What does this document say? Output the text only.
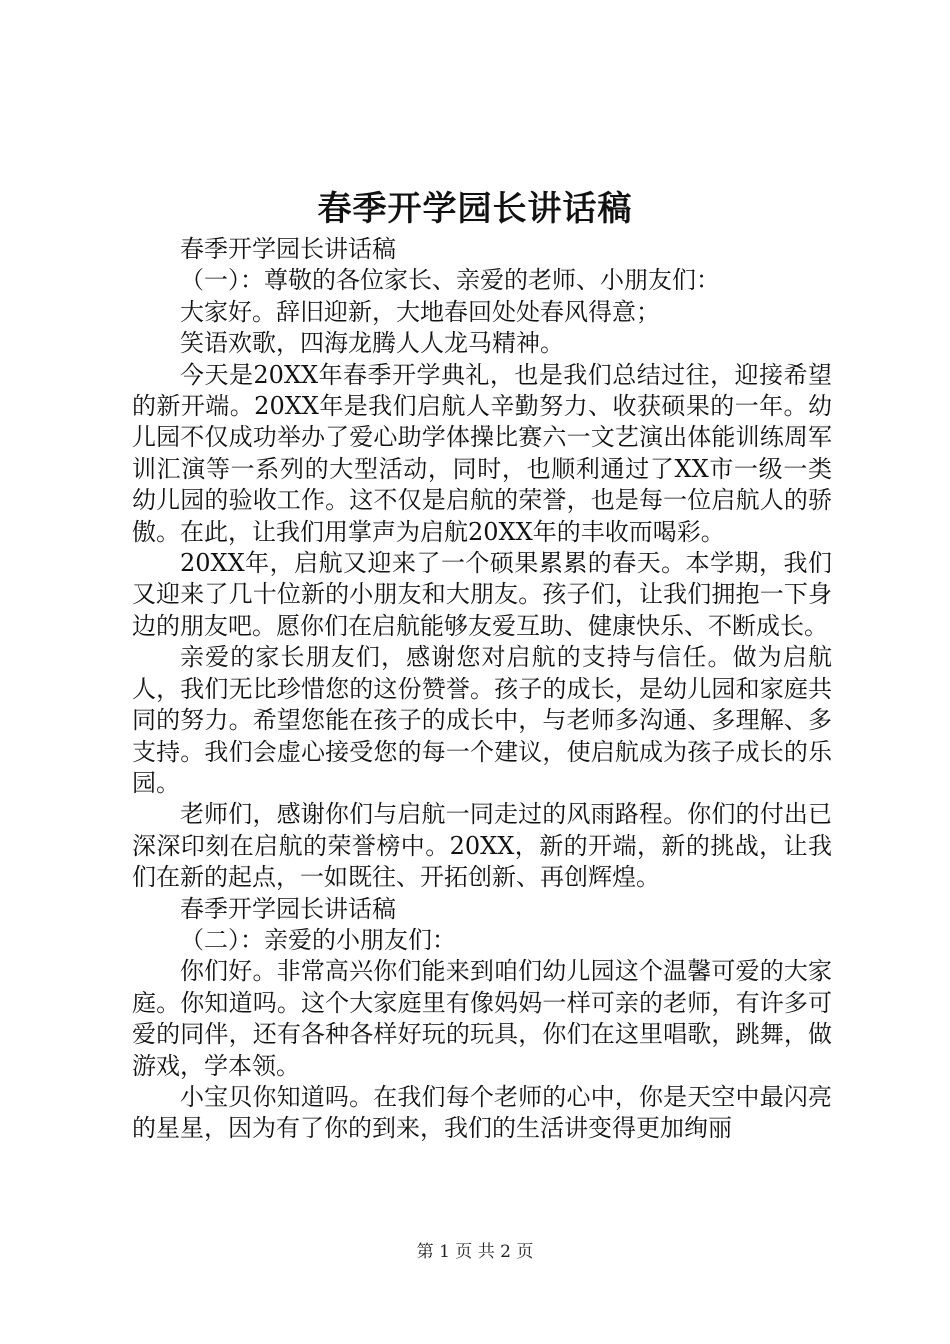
春季开学园长讲话稿

春季开学园长讲话稿

（一）：尊敬的各位家长、亲爱的老师、小朋友们：

大家好。辞旧迎新，大地春回处处春风得意；

笑语欢歌，四海龙腾人人龙马精神。

今天是20XX年春季开学典礼，也是我们总结过往，迎接希望的新开端。20XX年是我们启航人辛勤努力、收获硕果的一年。幼儿园不仅成功举办了爱心助学体操比赛六一文艺演出体能训练周军训汇演等一系列的大型活动，同时，也顺利通过了XX市一级一类幼儿园的验收工作。这不仅是启航的荣誉，也是每一位启航人的骄傲。在此，让我们用掌声为启航20XX年的丰收而喝彩。

20XX年，启航又迎来了一个硕果累累的春天。本学期，我们又迎来了几十位新的小朋友和大朋友。孩子们，让我们拥抱一下身边的朋友吧。愿你们在启航能够友爱互助、健康快乐、不断成长。

亲爱的家长朋友们，感谢您对启航的支持与信任。做为启航人，我们无比珍惜您的这份赞誉。孩子的成长，是幼儿园和家庭共同的努力。希望您能在孩子的成长中，与老师多沟通、多理解、多支持。我们会虚心接受您的每一个建议，使启航成为孩子成长的乐园。

老师们，感谢你们与启航一同走过的风雨路程。你们的付出已深深印刻在启航的荣誉榜中。20XX，新的开端，新的挑战，让我们在新的起点，一如既往、开拓创新、再创辉煌。

春季开学园长讲话稿

（二）：亲爱的小朋友们：

你们好。非常高兴你们能来到咱们幼儿园这个温馨可爱的大家庭。你知道吗。这个大家庭里有像妈妈一样可亲的老师，有许多可爱的同伴，还有各种各样好玩的玩具，你们在这里唱歌，跳舞，做游戏，学本领。

小宝贝你知道吗。在我们每个老师的心中，你是天空中最闪亮的星星，因为有了你的到来，我们的生活讲变得更加绚丽

第 1 页 共 2 页
